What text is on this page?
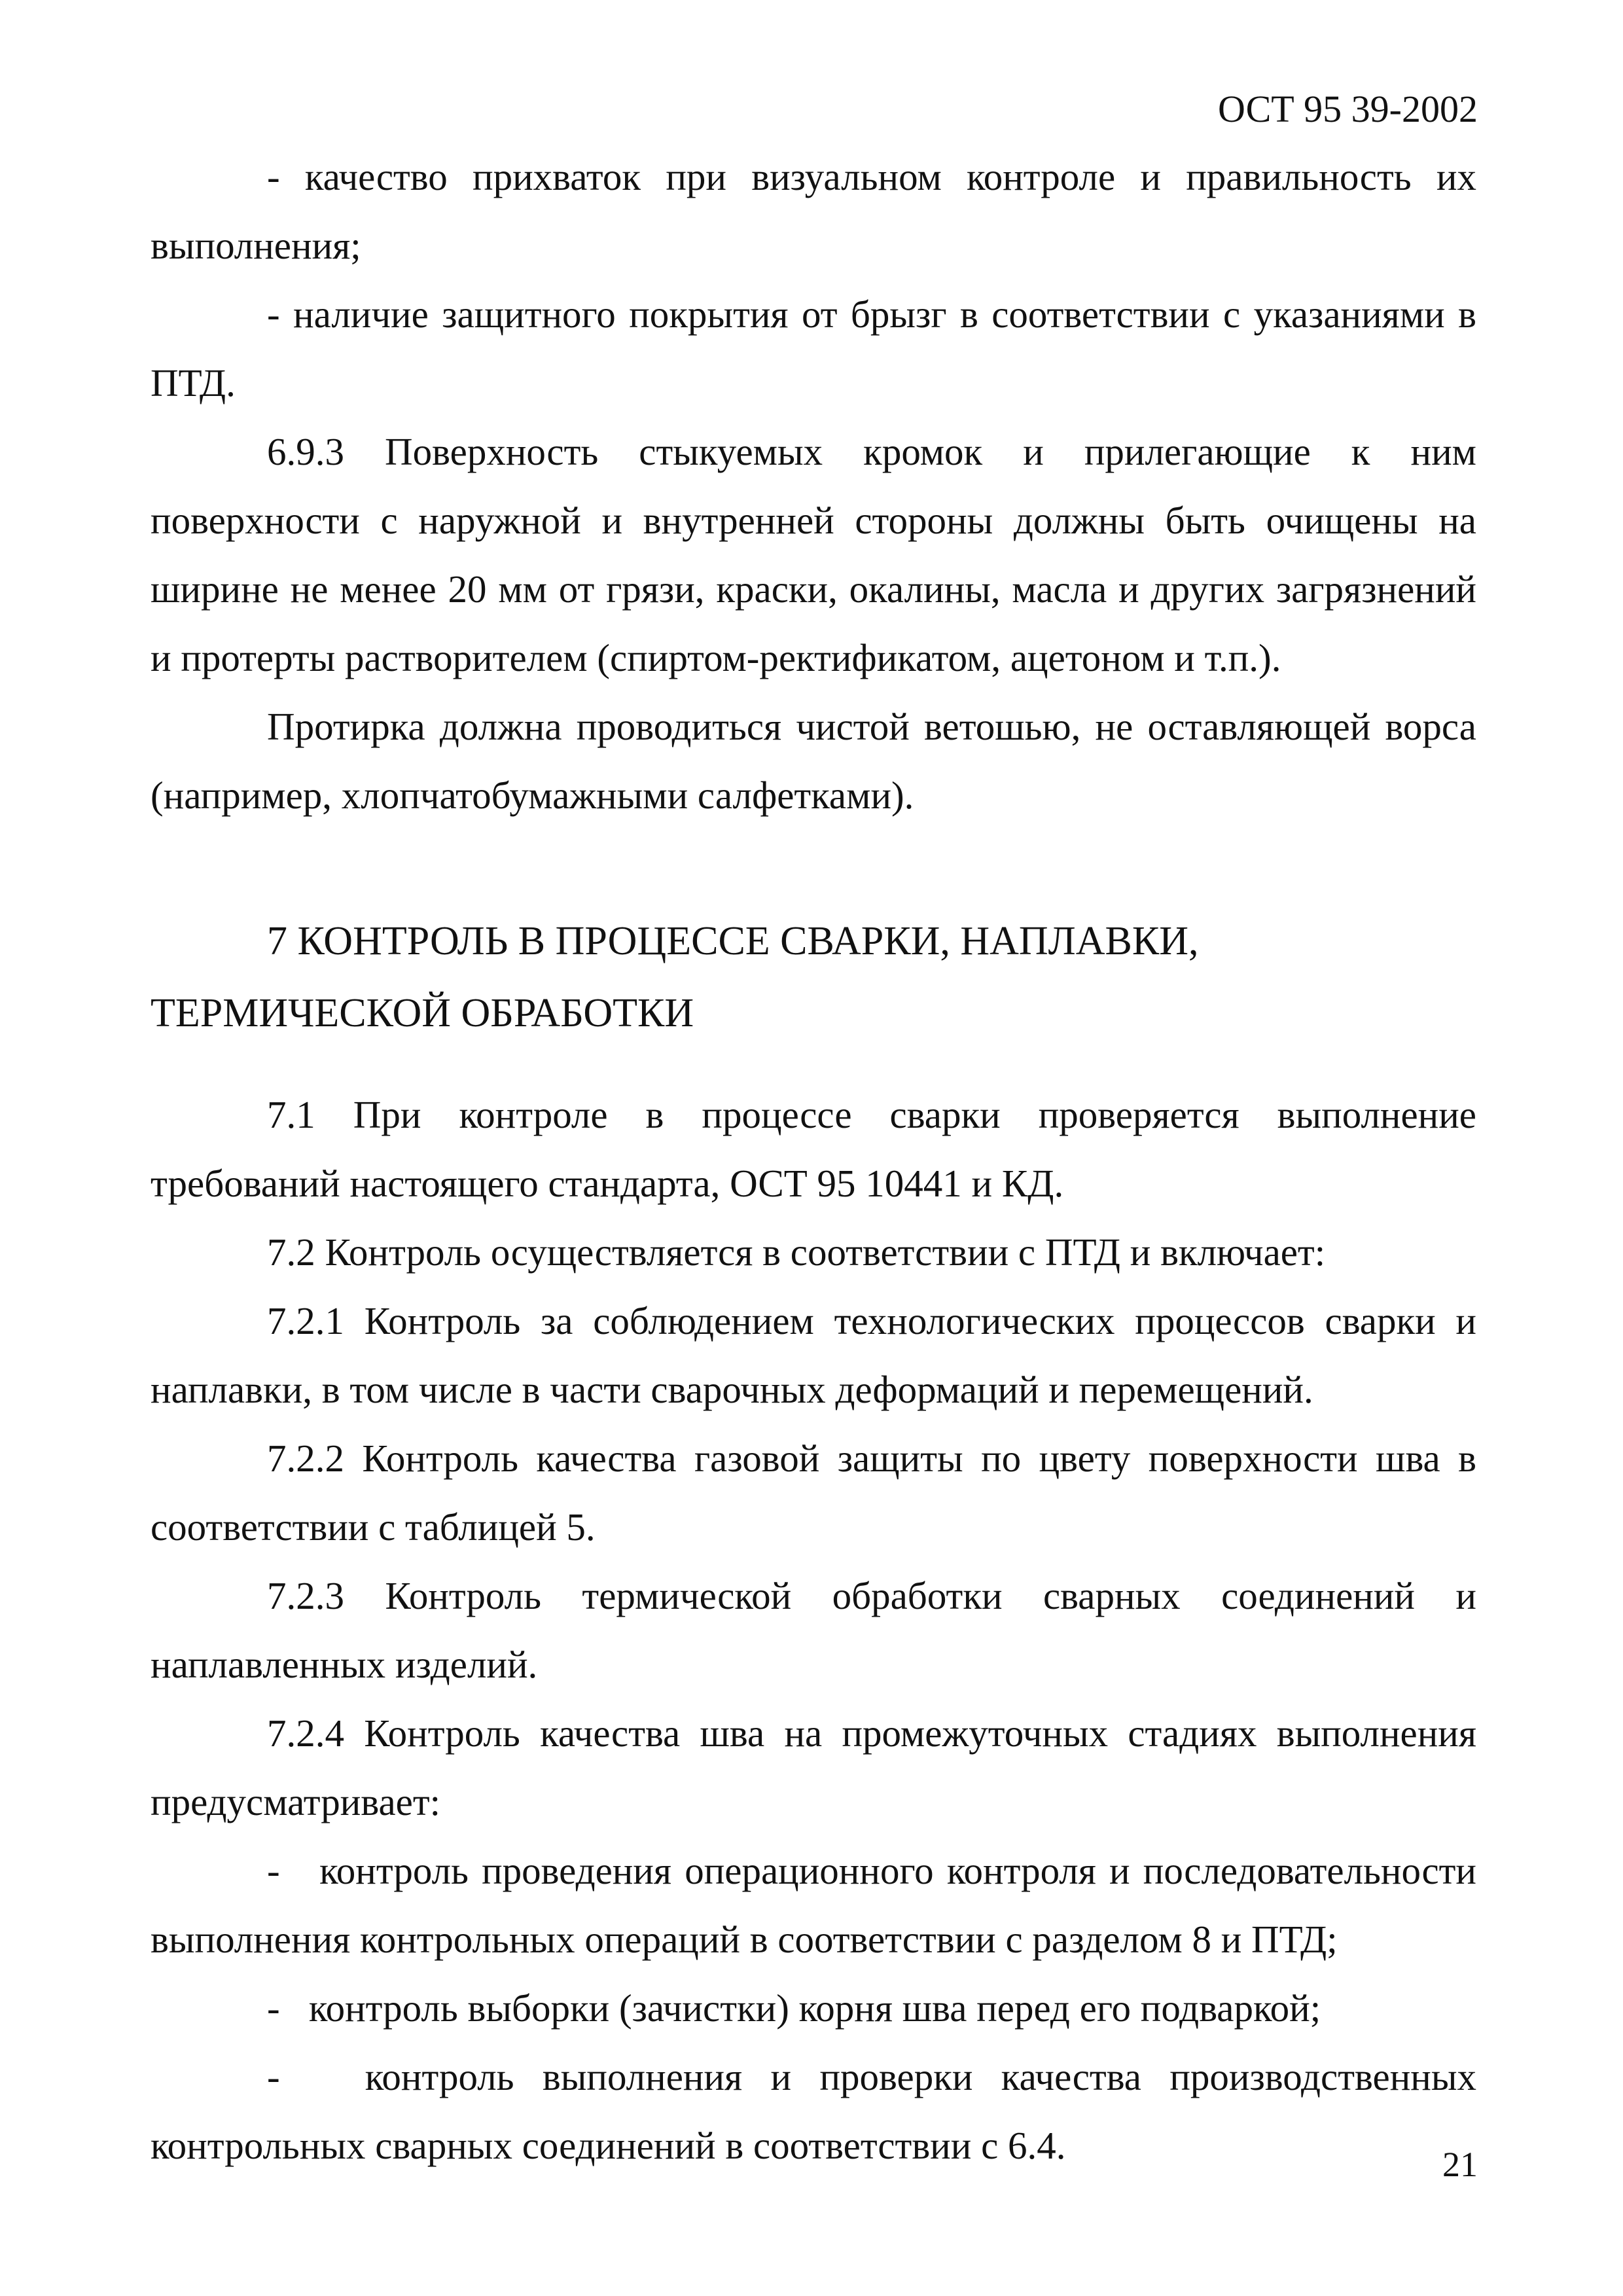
ОСТ 95 39-2002

- качество прихваток при визуальном контроле и правильность их выполнения;

- наличие защитного покрытия от брызг в соответствии с указаниями в ПТД.

6.9.3 Поверхность стыкуемых кромок и прилегающие к ним поверхности с наружной и внутренней стороны должны быть очищены на ширине не менее 20 мм от грязи, краски, окалины, масла и других загрязнений и протерты растворителем (спиртом-ректификатом, ацетоном и т.п.).

Протирка должна проводиться чистой ветошью, не оставляющей ворса (например, хлопчатобумажными салфетками).

7 КОНТРОЛЬ В ПРОЦЕССЕ СВАРКИ, НАПЛАВКИ, ТЕРМИЧЕСКОЙ ОБРАБОТКИ

7.1 При контроле в процессе сварки проверяется выполнение требований настоящего стандарта, ОСТ 95 10441 и КД.

7.2 Контроль осуществляется в соответствии с ПТД и включает:

7.2.1 Контроль за соблюдением технологических процессов сварки и наплавки, в том числе в части сварочных деформаций и перемещений.

7.2.2 Контроль качества газовой защиты по цвету поверхности шва в соответствии с таблицей 5.

7.2.3 Контроль термической обработки сварных соединений и наплавленных изделий.

7.2.4 Контроль качества шва на промежуточных стадиях выполнения предусматривает:

- контроль проведения операционного контроля и последовательности выполнения контрольных операций в соответствии с разделом 8 и ПТД;

- контроль выборки (зачистки) корня шва перед его подваркой;

- контроль выполнения и проверки качества производственных контрольных сварных соединений в соответствии с 6.4.	21
